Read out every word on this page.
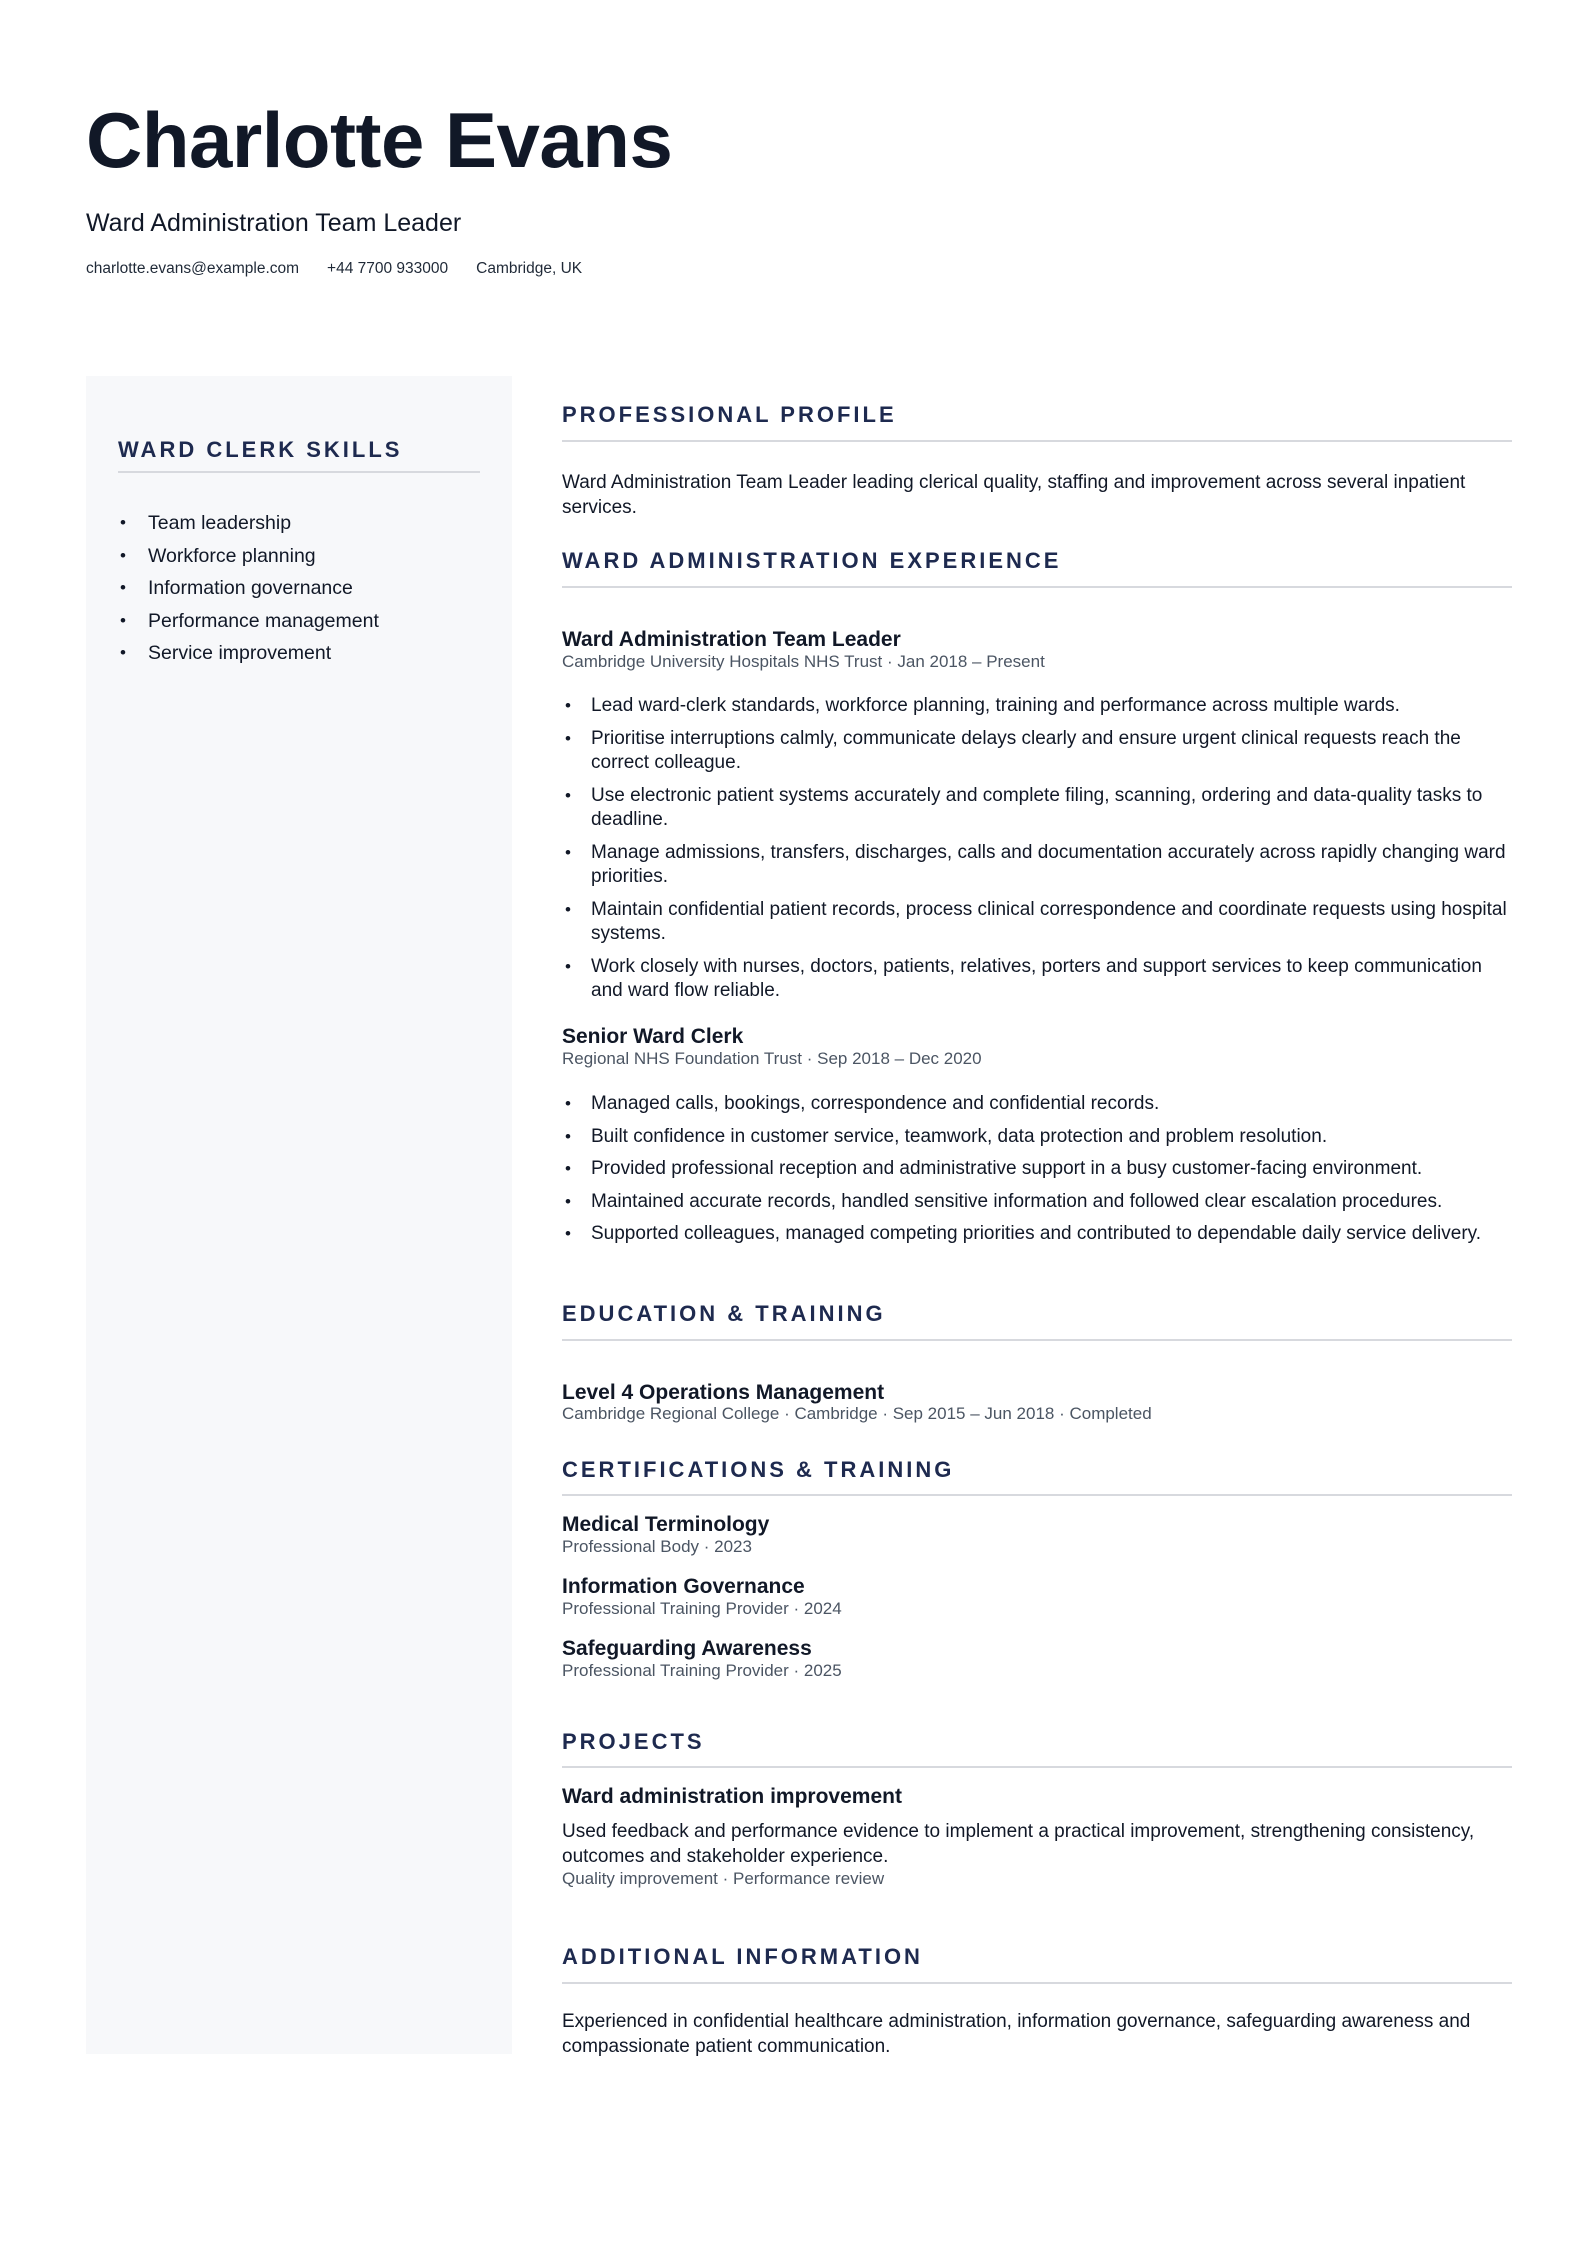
Charlotte Evans
Ward Administration Team Leader
charlotte.evans@example.com +44 7700 933000 Cambridge, UK
WARD CLERK SKILLS
• Team leadership
• Workforce planning
• Information governance
• Performance management
• Service improvement
PROFESSIONAL PROFILE
Ward Administration Team Leader leading clerical quality, staffing and improvement across several inpatient services.
WARD ADMINISTRATION EXPERIENCE
Ward Administration Team Leader
Cambridge University Hospitals NHS Trust · Jan 2018 – Present
• Lead ward-clerk standards, workforce planning, training and performance across multiple wards.
• Prioritise interruptions calmly, communicate delays clearly and ensure urgent clinical requests reach the correct colleague.
• Use electronic patient systems accurately and complete filing, scanning, ordering and data-quality tasks to deadline.
• Manage admissions, transfers, discharges, calls and documentation accurately across rapidly changing ward priorities.
• Maintain confidential patient records, process clinical correspondence and coordinate requests using hospital systems.
• Work closely with nurses, doctors, patients, relatives, porters and support services to keep communication and ward flow reliable.
Senior Ward Clerk
Regional NHS Foundation Trust · Sep 2018 – Dec 2020
• Managed calls, bookings, correspondence and confidential records.
• Built confidence in customer service, teamwork, data protection and problem resolution.
• Provided professional reception and administrative support in a busy customer-facing environment.
• Maintained accurate records, handled sensitive information and followed clear escalation procedures.
• Supported colleagues, managed competing priorities and contributed to dependable daily service delivery.
EDUCATION & TRAINING
Level 4 Operations Management
Cambridge Regional College · Cambridge · Sep 2015 – Jun 2018 · Completed
CERTIFICATIONS & TRAINING
Medical Terminology
Professional Body · 2023
Information Governance
Professional Training Provider · 2024
Safeguarding Awareness
Professional Training Provider · 2025
PROJECTS
Ward administration improvement
Used feedback and performance evidence to implement a practical improvement, strengthening consistency, outcomes and stakeholder experience.
Quality improvement · Performance review
ADDITIONAL INFORMATION
Experienced in confidential healthcare administration, information governance, safeguarding awareness and compassionate patient communication.
